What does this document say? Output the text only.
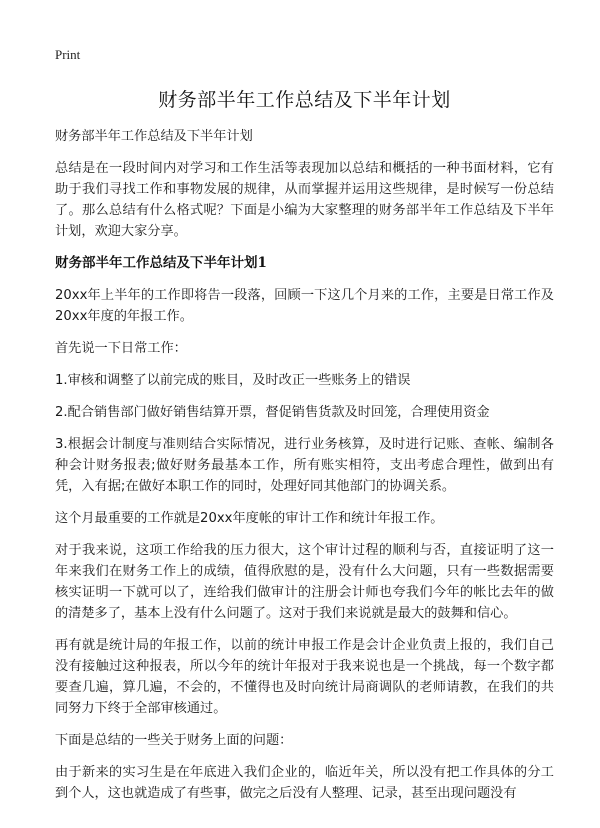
Print
财务部半年工作总结及下半年计划

财务部半年工作总结及下半年计划

总结是在一段时间内对学习和工作生活等表现加以总结和概括的一种书面材料，它有助于我们寻找工作和事物发展的规律，从而掌握并运用这些规律，是时候写一份总结了。那么总结有什么格式呢？下面是小编为大家整理的财务部半年工作总结及下半年计划，欢迎大家分享。

财务部半年工作总结及下半年计划1

20xx年上半年的工作即将告一段落，回顾一下这几个月来的工作，主要是日常工作及20xx年度的年报工作。

首先说一下日常工作：

1.审核和调整了以前完成的账目，及时改正一些账务上的错误

2.配合销售部门做好销售结算开票，督促销售货款及时回笼，合理使用资金

3.根据会计制度与准则结合实际情况，进行业务核算，及时进行记账、查帐、编制各种会计财务报表;做好财务最基本工作，所有账实相符，支出考虑合理性，做到出有凭，入有据;在做好本职工作的同时，处理好同其他部门的协调关系。

这个月最重要的工作就是20xx年度帐的审计工作和统计年报工作。

对于我来说，这项工作给我的压力很大，这个审计过程的顺利与否，直接证明了这一年来我们在财务工作上的成绩，值得欣慰的是，没有什么大问题，只有一些数据需要核实证明一下就可以了，连给我们做审计的注册会计师也夸我们今年的帐比去年的做的清楚多了，基本上没有什么问题了。这对于我们来说就是最大的鼓舞和信心。

再有就是统计局的年报工作，以前的统计申报工作是会计企业负责上报的，我们自己没有接触过这种报表，所以今年的统计年报对于我来说也是一个挑战，每一个数字都要查几遍，算几遍，不会的，不懂得也及时向统计局商调队的老师请教，在我们的共同努力下终于全部审核通过。

下面是总结的一些关于财务上面的问题：

由于新来的实习生是在年底进入我们企业的，临近年关，所以没有把工作具体的分工到个人，这也就造成了有些事，做完之后没有人整理、记录，甚至出现问题没有
